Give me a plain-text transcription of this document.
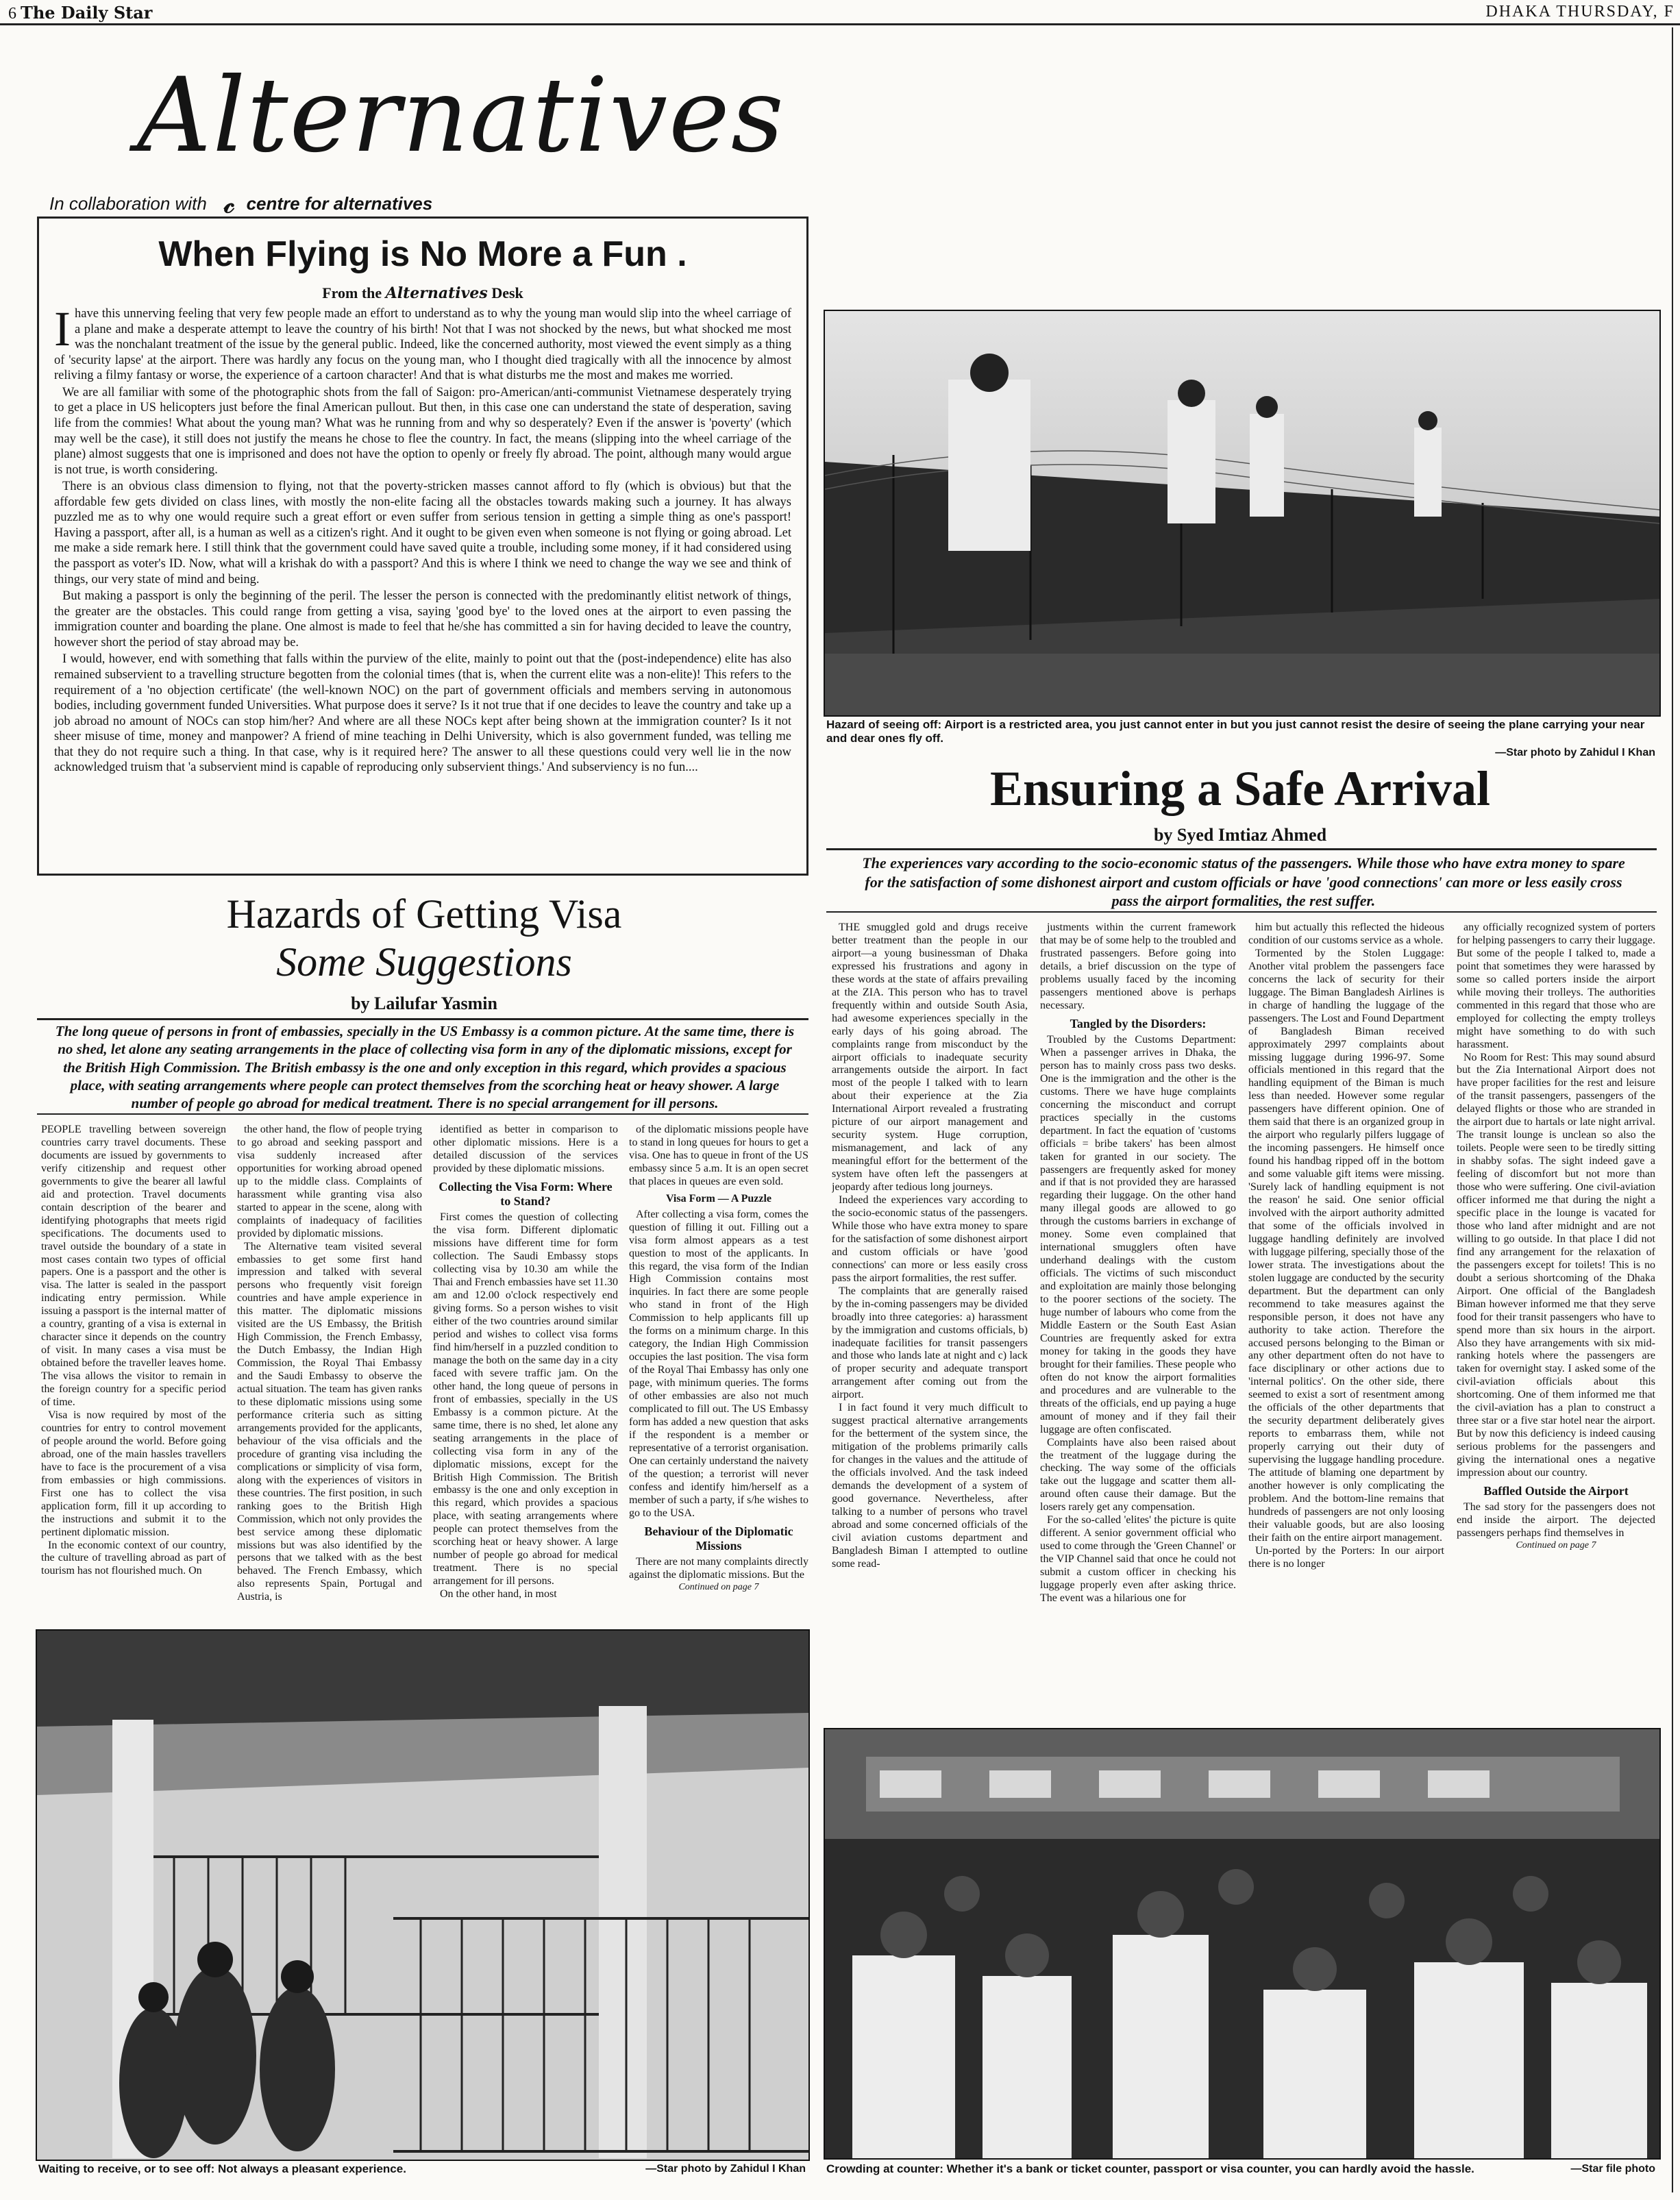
6 The Daily Star	DHAKA THURSDAY, F
Alternatives
In collaboration with 𝒸 centre for alternatives
When Flying is No More a Fun .
From the Alternatives Desk

Ihave this unnerving feeling that very few people made an effort to understand as to why the young man would slip into the wheel carriage of a plane and make a desperate attempt to leave the country of his birth! Not that I was not shocked by the news, but what shocked me most was the nonchalant treatment of the issue by the general public. Indeed, like the concerned authority, most viewed the event simply as a thing of 'security lapse' at the airport. There was hardly any focus on the young man, who I thought died tragically with all the innocence by almost reliving a filmy fantasy or worse, the experience of a cartoon character! And that is what disturbs me the most and makes me worried.

We are all familiar with some of the photographic shots from the fall of Saigon: pro-American/anti-communist Vietnamese desperately trying to get a place in US helicopters just before the final American pullout. But then, in this case one can understand the state of desperation, saving life from the commies! What about the young man? What was he running from and why so desperately? Even if the answer is 'poverty' (which may well be the case), it still does not justify the means he chose to flee the country. In fact, the means (slipping into the wheel carriage of the plane) almost suggests that one is imprisoned and does not have the option to openly or freely fly abroad. The point, although many would argue is not true, is worth considering.

There is an obvious class dimension to flying, not that the poverty-stricken masses cannot afford to fly (which is obvious) but that the affordable few gets divided on class lines, with mostly the non-elite facing all the obstacles towards making such a journey. It has always puzzled me as to why one would require such a great effort or even suffer from serious tension in getting a simple thing as one's passport! Having a passport, after all, is a human as well as a citizen's right. And it ought to be given even when someone is not flying or going abroad. Let me make a side remark here. I still think that the government could have saved quite a trouble, including some money, if it had considered using the passport as voter's ID. Now, what will a krishak do with a passport? And this is where I think we need to change the way we see and think of things, our very state of mind and being.

But making a passport is only the beginning of the peril. The lesser the person is connected with the predominantly elitist network of things, the greater are the obstacles. This could range from getting a visa, saying 'good bye' to the loved ones at the airport to even passing the immigration counter and boarding the plane. One almost is made to feel that he/she has committed a sin for having decided to leave the country, however short the period of stay abroad may be.

I would, however, end with something that falls within the purview of the elite, mainly to point out that the (post-independence) elite has also remained subservient to a travelling structure begotten from the colonial times (that is, when the current elite was a non-elite)! This refers to the requirement of a 'no objection certificate' (the well-known NOC) on the part of government officials and members serving in autonomous bodies, including government funded Universities. What purpose does it serve? Is it not true that if one decides to leave the country and take up a job abroad no amount of NOCs can stop him/her? And where are all these NOCs kept after being shown at the immigration counter? Is it not sheer misuse of time, money and manpower? A friend of mine teaching in Delhi University, which is also government funded, was telling me that they do not require such a thing. In that case, why is it required here? The answer to all these questions could very well lie in the now acknowledged truism that 'a subservient mind is capable of reproducing only subservient things.' And subserviency is no fun....

Hazard of seeing off: Airport is a restricted area, you just cannot enter in but you just cannot resist the desire of seeing the plane carrying your near and dear ones fly off.
—Star photo by Zahidul I Khan
Ensuring a Safe Arrival
by Syed Imtiaz Ahmed
The experiences vary according to the socio-economic status of the passengers. While those who have extra money to spare for the satisfaction of some dishonest airport and custom officials or have 'good connections' can more or less easily cross pass the airport formalities, the rest suffer.

THE smuggled gold and drugs receive better treatment than the people in our airport—a young businessman of Dhaka expressed his frustrations and agony in these words at the state of affairs prevailing at the ZIA. This person who has to travel frequently within and outside South Asia, had awesome experiences specially in the early days of his going abroad. The complaints range from misconduct by the airport officials to inadequate security arrangements outside the airport. In fact most of the people I talked with to learn about their experience at the Zia International Airport revealed a frustrating picture of our airport management and security system. Huge corruption, mismanagement, and lack of any meaningful effort for the betterment of the system have often left the passengers at jeopardy after tedious long journeys.

Indeed the experiences vary according to the socio-economic status of the passengers. While those who have extra money to spare for the satisfaction of some dishonest airport and custom officials or have 'good connections' can more or less easily cross pass the airport formalities, the rest suffer.

The complaints that are generally raised by the in-coming passengers may be divided broadly into three categories: a) harassment by the immigration and customs officials, b) inadequate facilities for transit passengers and those who lands late at night and c) lack of proper security and adequate transport arrangement after coming out from the airport.

I in fact found it very much difficult to suggest practical alternative arrangements for the betterment of the system since, the mitigation of the problems primarily calls for changes in the values and the attitude of the officials involved. And the task indeed demands the development of a system of good governance. Nevertheless, after talking to a number of persons who travel abroad and some concerned officials of the civil aviation customs department and Bangladesh Biman I attempted to outline some read-

justments within the current framework that may be of some help to the troubled and frustrated passengers. Before going into details, a brief discussion on the type of problems usually faced by the incoming passengers mentioned above is perhaps necessary.

Tangled by the Disorders:

Troubled by the Customs Department: When a passenger arrives in Dhaka, the person has to mainly cross pass two desks. One is the immigration and the other is the customs. There we have huge complaints concerning the misconduct and corrupt practices specially in the customs department. In fact the equation of 'customs officials = bribe takers' has been almost taken for granted in our society. The passengers are frequently asked for money and if that is not provided they are harassed regarding their luggage. On the other hand many illegal goods are allowed to go through the customs barriers in exchange of money. Some even complained that international smugglers often have underhand dealings with the custom officials. The victims of such misconduct and exploitation are mainly those belonging to the poorer sections of the society. The huge number of labours who come from the Middle Eastern or the South East Asian Countries are frequently asked for extra money for taking in the goods they have brought for their families. These people who often do not know the airport formalities and procedures and are vulnerable to the threats of the officials, end up paying a huge amount of money and if they fail their luggage are often confiscated.

Complaints have also been raised about the treatment of the luggage during the checking. The way some of the officials take out the luggage and scatter them all-around often cause their damage. But the losers rarely get any compensation.

For the so-called 'elites' the picture is quite different. A senior government official who used to come through the 'Green Channel' or the VIP Channel said that once he could not submit a custom officer in checking his luggage properly even after asking thrice. The event was a hilarious one for

him but actually this reflected the hideous condition of our customs service as a whole.

Tormented by the Stolen Luggage: Another vital problem the passengers face concerns the lack of security for their luggage. The Biman Bangladesh Airlines is in charge of handling the luggage of the passengers. The Lost and Found Department of Bangladesh Biman received approximately 2997 complaints about missing luggage during 1996-97. Some officials mentioned in this regard that the handling equipment of the Biman is much less than needed. However some regular passengers have different opinion. One of them said that there is an organized group in the airport who regularly pilfers luggage of the incoming passengers. He himself once found his handbag ripped off in the bottom and some valuable gift items were missing. 'Surely lack of handling equipment is not the reason' he said. One senior official involved with the airport authority admitted that some of the officials involved in luggage handling definitely are involved with luggage pilfering, specially those of the lower strata. The investigations about the stolen luggage are conducted by the security department. But the department can only recommend to take measures against the responsible person, it does not have any authority to take action. Therefore the accused persons belonging to the Biman or any other department often do not have to face disciplinary or other actions due to 'internal politics'. On the other side, there seemed to exist a sort of resentment among the officials of the other departments that the security department deliberately gives reports to embarrass them, while not properly carrying out their duty of supervising the luggage handling procedure. The attitude of blaming one department by another however is only complicating the problem. And the bottom-line remains that hundreds of passengers are not only loosing their valuable goods, but are also loosing their faith on the entire airport management.

Un-ported by the Porters: In our airport there is no longer

any officially recognized system of porters for helping passengers to carry their luggage. But some of the people I talked to, made a point that sometimes they were harassed by some so called porters inside the airport while moving their trolleys. The authorities commented in this regard that those who are employed for collecting the empty trolleys might have something to do with such harassment.

No Room for Rest: This may sound absurd but the Zia International Airport does not have proper facilities for the rest and leisure of the transit passengers, passengers of the delayed flights or those who are stranded in the airport due to hartals or late night arrival. The transit lounge is unclean so also the toilets. People were seen to be tiredly sitting in shabby sofas. The sight indeed gave a feeling of discomfort but not more than those who were suffering. One civil-aviation officer informed me that during the night a specific place in the lounge is vacated for those who land after midnight and are not willing to go outside. In that place I did not find any arrangement for the relaxation of the passengers except for toilets! This is no doubt a serious shortcoming of the Dhaka Airport. One official of the Bangladesh Biman however informed me that they serve food for their transit passengers who have to spend more than six hours in the airport. Also they have arrangements with six mid-ranking hotels where the passengers are taken for overnight stay. I asked some of the civil-aviation officials about this shortcoming. One of them informed me that the civil-aviation has a plan to construct a three star or a five star hotel near the airport. But by now this deficiency is indeed causing serious problems for the passengers and giving the international ones a negative impression about our country.

Baffled Outside the Airport

The sad story for the passengers does not end inside the airport. The dejected passengers perhaps find themselves in

Continued on page 7

Hazards of Getting Visa
Some Suggestions
by Lailufar Yasmin
The long queue of persons in front of embassies, specially in the US Embassy is a common picture. At the same time, there is no shed, let alone any seating arrangements in the place of collecting visa form in any of the diplomatic missions, except for the British High Commission. The British embassy is the one and only exception in this regard, which provides a spacious place, with seating arrangements where people can protect themselves from the scorching heat or heavy shower. A large number of people go abroad for medical treatment. There is no special arrangement for ill persons.

PEOPLE travelling between sovereign countries carry travel documents. These documents are issued by governments to verify citizenship and request other governments to give the bearer all lawful aid and protection. Travel documents contain description of the bearer and identifying photographs that meets rigid specifications. The documents used to travel outside the boundary of a state in most cases contain two types of official papers. One is a passport and the other is visa. The latter is sealed in the passport indicating entry permission. While issuing a passport is the internal matter of a country, granting of a visa is external in character since it depends on the country of visit. In many cases a visa must be obtained before the traveller leaves home. The visa allows the visitor to remain in the foreign country for a specific period of time.

Visa is now required by most of the countries for entry to control movement of people around the world. Before going abroad, one of the main hassles travellers have to face is the procurement of a visa from embassies or high commissions. First one has to collect the visa application form, fill it up according to the instructions and submit it to the pertinent diplomatic mission.

In the economic context of our country, the culture of travelling abroad as part of tourism has not flourished much. On

the other hand, the flow of people trying to go abroad and seeking passport and visa suddenly increased after opportunities for working abroad opened up to the middle class. Complaints of harassment while granting visa also started to appear in the scene, along with complaints of inadequacy of facilities provided by diplomatic missions.

The Alternative team visited several embassies to get some first hand impression and talked with several persons who frequently visit foreign countries and have ample experience in this matter. The diplomatic missions visited are the US Embassy, the British High Commission, the French Embassy, the Dutch Embassy, the Indian High Commission, the Royal Thai Embassy and the Saudi Embassy to observe the actual situation. The team has given ranks to these diplomatic missions using some performance criteria such as sitting arrangements provided for the applicants, behaviour of the visa officials and the procedure of granting visa including the complications or simplicity of visa form, along with the experiences of visitors in these countries. The first position, in such ranking goes to the British High Commission, which not only provides the best service among these diplomatic missions but was also identified by the persons that we talked with as the best behaved. The French Embassy, which also represents Spain, Portugal and Austria, is

identified as better in comparison to other diplomatic missions. Here is a detailed discussion of the services provided by these diplomatic missions.

Collecting the Visa Form: Where to Stand?

First comes the question of collecting the visa form. Different diplomatic missions have different time for form collection. The Saudi Embassy stops collecting visa by 10.30 am while the Thai and French embassies have set 11.30 am and 12.00 o'clock respectively end giving forms. So a person wishes to visit either of the two countries around similar period and wishes to collect visa forms find him/herself in a puzzled condition to manage the both on the same day in a city faced with severe traffic jam. On the other hand, the long queue of persons in front of embassies, specially in the US Embassy is a common picture. At the same time, there is no shed, let alone any seating arrangements in the place of collecting visa form in any of the diplomatic missions, except for the British High Commission. The British embassy is the one and only exception in this regard, which provides a spacious place, with seating arrangements where people can protect themselves from the scorching heat or heavy shower. A large number of people go abroad for medical treatment. There is no special arrangement for ill persons.

On the other hand, in most

of the diplomatic missions people have to stand in long queues for hours to get a visa. One has to queue in front of the US embassy since 5 a.m. It is an open secret that places in queues are even sold.

Visa Form — A Puzzle

After collecting a visa form, comes the question of filling it out. Filling out a visa form almost appears as a test question to most of the applicants. In this regard, the visa form of the Indian High Commission contains most inquiries. In fact there are some people who stand in front of the High Commission to help applicants fill up the forms on a minimum charge. In this category, the Indian High Commission occupies the last position. The visa form of the Royal Thai Embassy has only one page, with minimum queries. The forms of other embassies are also not much complicated to fill out. The US Embassy form has added a new question that asks if the respondent is a member or representative of a terrorist organisation. One can certainly understand the naivety of the question; a terrorist will never confess and identify him/herself as a member of such a party, if s/he wishes to go to the USA.

Behaviour of the Diplomatic Missions

There are not many complaints directly against the diplomatic missions. But the

Continued on page 7

Waiting to receive, or to see off: Not always a pleasant experience.	—Star photo by Zahidul I Khan Crowding at counter: Whether it's a bank or ticket counter, passport or visa counter, you can hardly avoid the hassle.	—Star file photo
